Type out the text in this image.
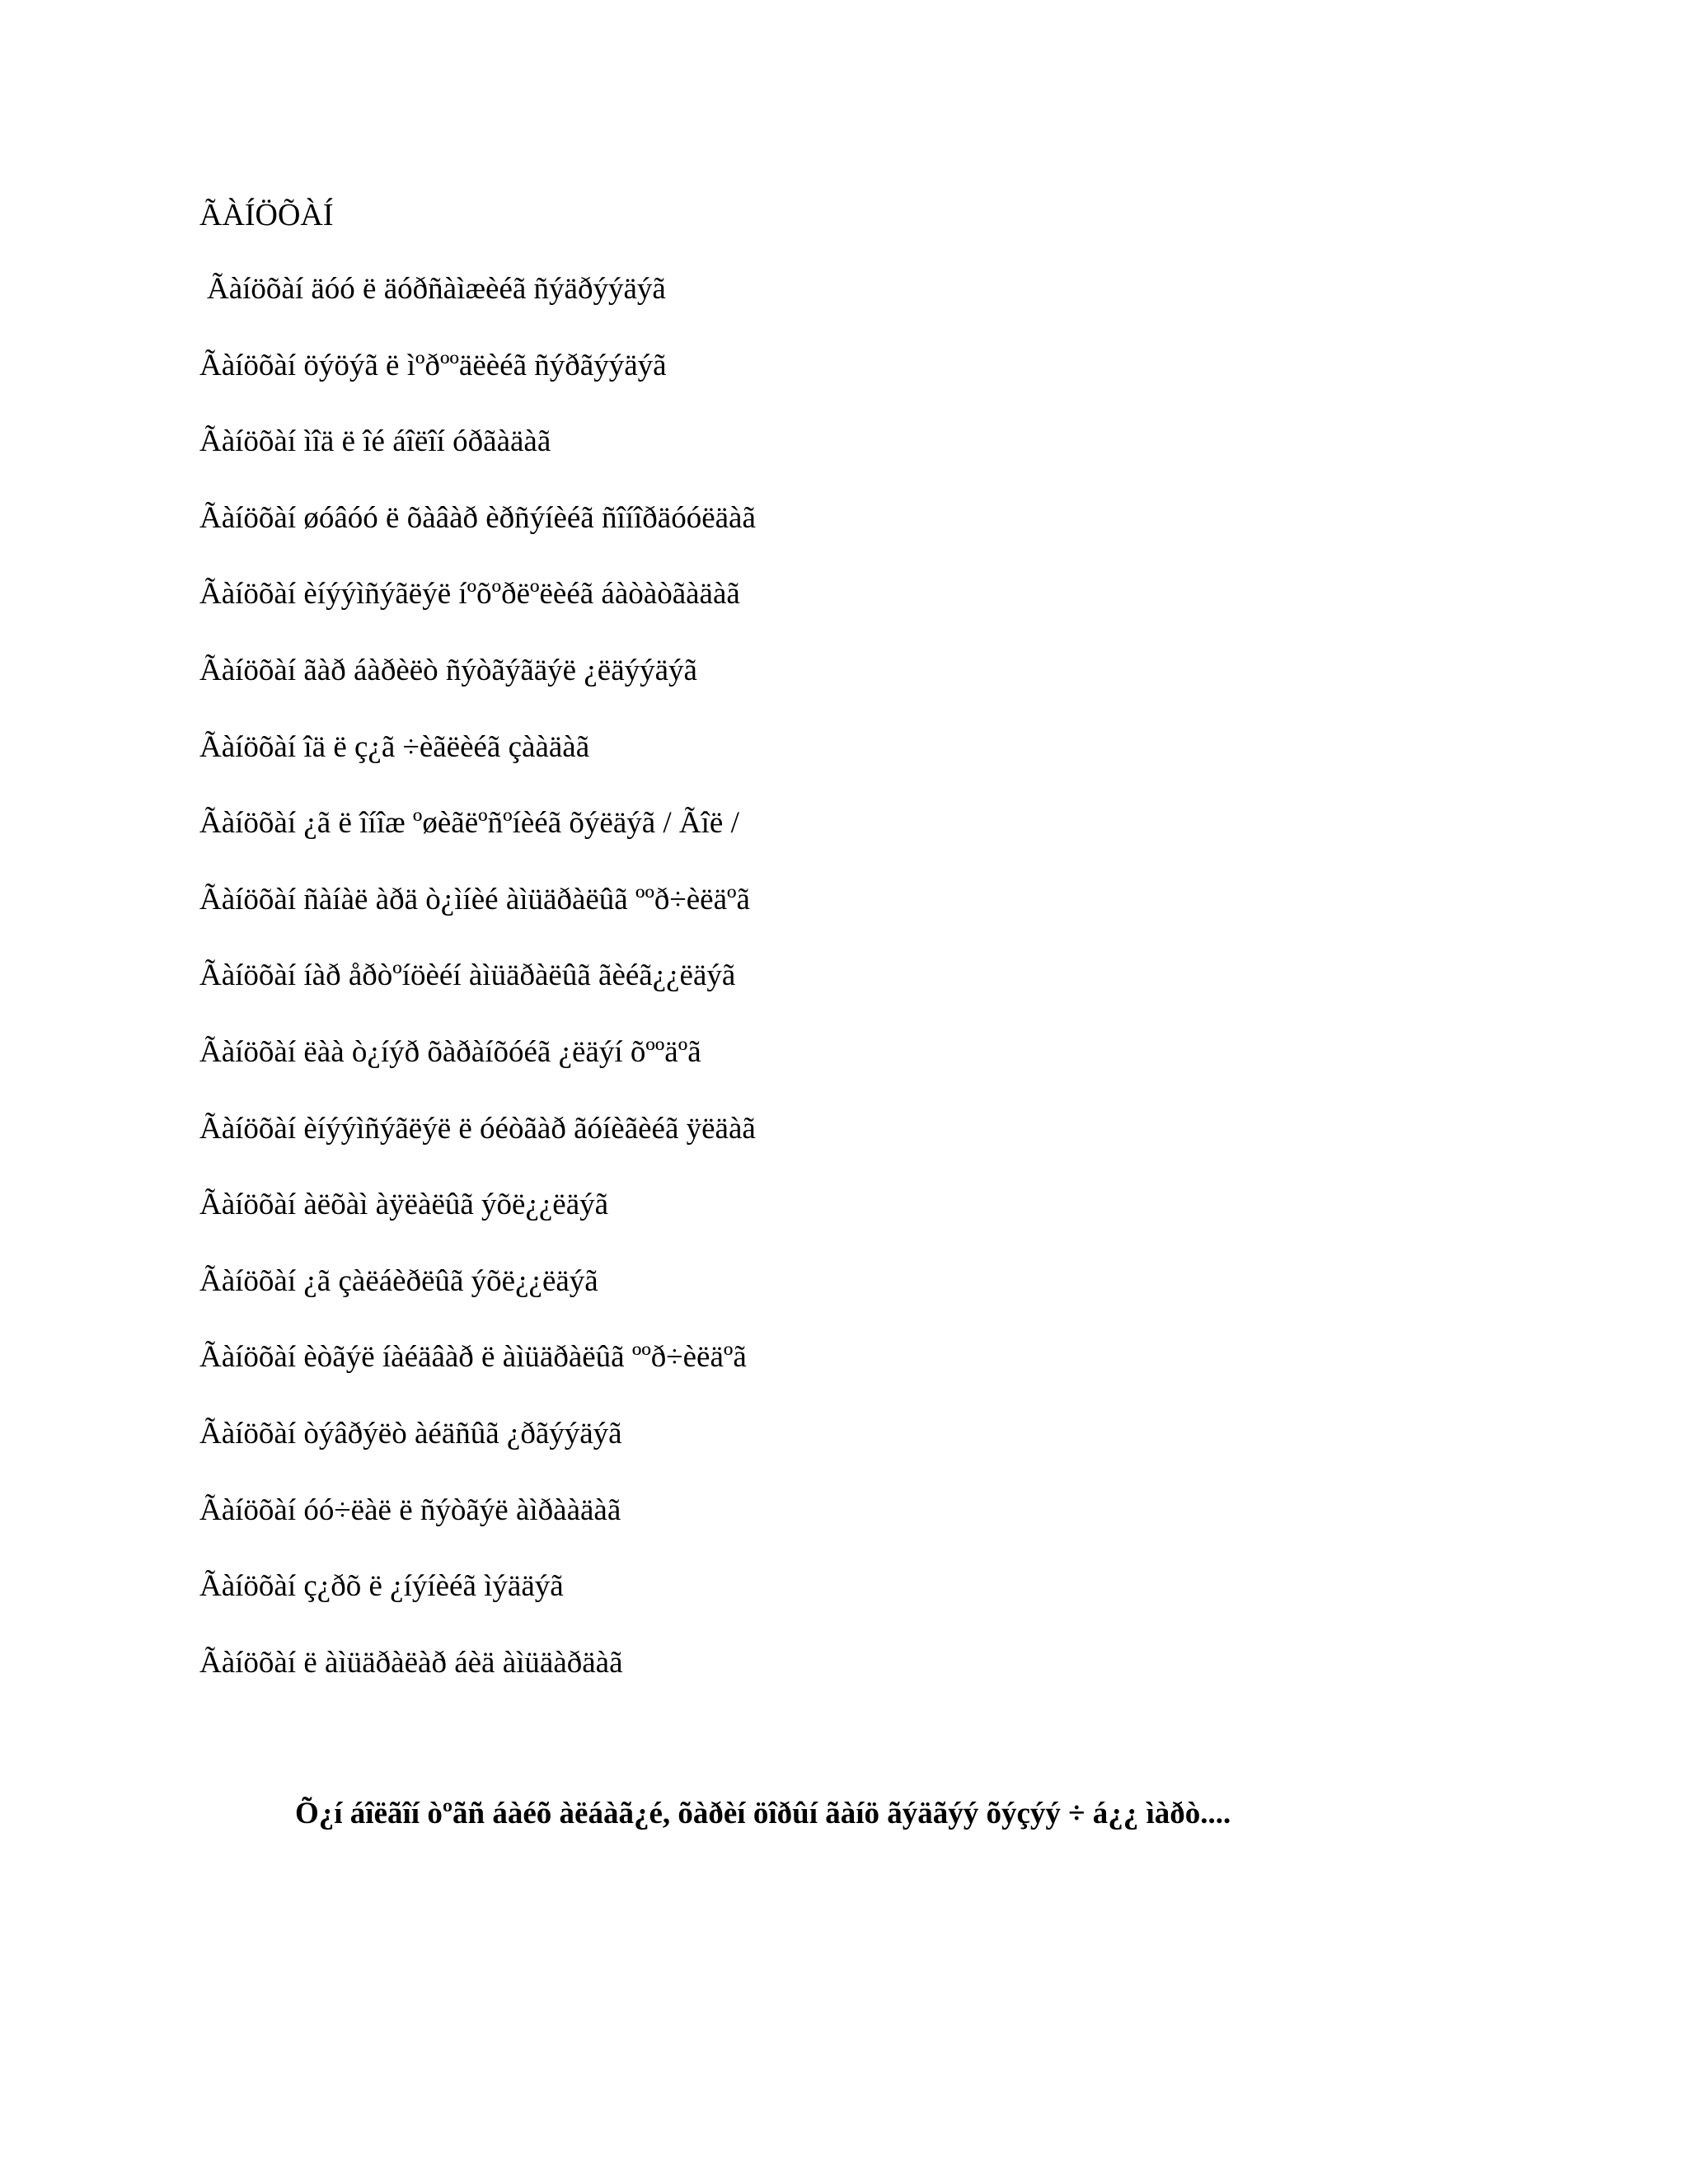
ÃÀÍÖÕÀÍ
Ãàíöõàí äóó ë äóðñàìæèéã ñýäðýýäýã
Ãàíöõàí öýöýã ë ìºðººäëèéã ñýðãýýäýã
Ãàíöõàí ìîä ë îé áîëîí óðãàäàã
Ãàíöõàí øóâóó ë õàâàð èðñýíèéã ñîíîðäóóëäàã
Ãàíöõàí èíýýìñýãëýë íºõºðëºëèéã áàòàòãàäàã
Ãàíöõàí ãàð áàðèëò ñýòãýãäýë ¿ëäýýäýã
Ãàíöõàí îä ë ç¿ã ÷èãëèéã çààäàã
Ãàíöõàí ¿ã ë îíîæ ºøèãëºñºíèéã õýëäýã / Ãîë /
Ãàíöõàí ñàíàë àðä ò¿ìíèé àìüäðàëûã ººð÷èëäºã
Ãàíöõàí íàð åðòºíöèéí àìüäðàëûã ãèéã¿¿ëäýã
Ãàíöõàí ëàà ò¿íýð õàðàíõóéã ¿ëäýí õººäºã
Ãàíöõàí èíýýìñýãëýë ë óéòãàð ãóíèãèéã ÿëäàã
Ãàíöõàí àëõàì àÿëàëûã ýõë¿¿ëäýã
Ãàíöõàí ¿ã çàëáèðëûã ýõë¿¿ëäýã
Ãàíöõàí èòãýë íàéäâàð ë àìüäðàëûã ººð÷èëäºã
Ãàíöõàí òýâðýëò àéäñûã ¿ðãýýäýã
Ãàíöõàí óó÷ëàë ë ñýòãýë àìðààäàã
Ãàíöõàí ç¿ðõ ë ¿íýíèéã ìýääýã
Ãàíöõàí ë àìüäðàëàð áèä àìüäàðäàã
Õ¿í áîëãîí òºãñ áàéõ àëáàã¿é, õàðèí öîðûí ãàíö ãýäãýý õýçýý ÷ á¿¿ ìàðò....
